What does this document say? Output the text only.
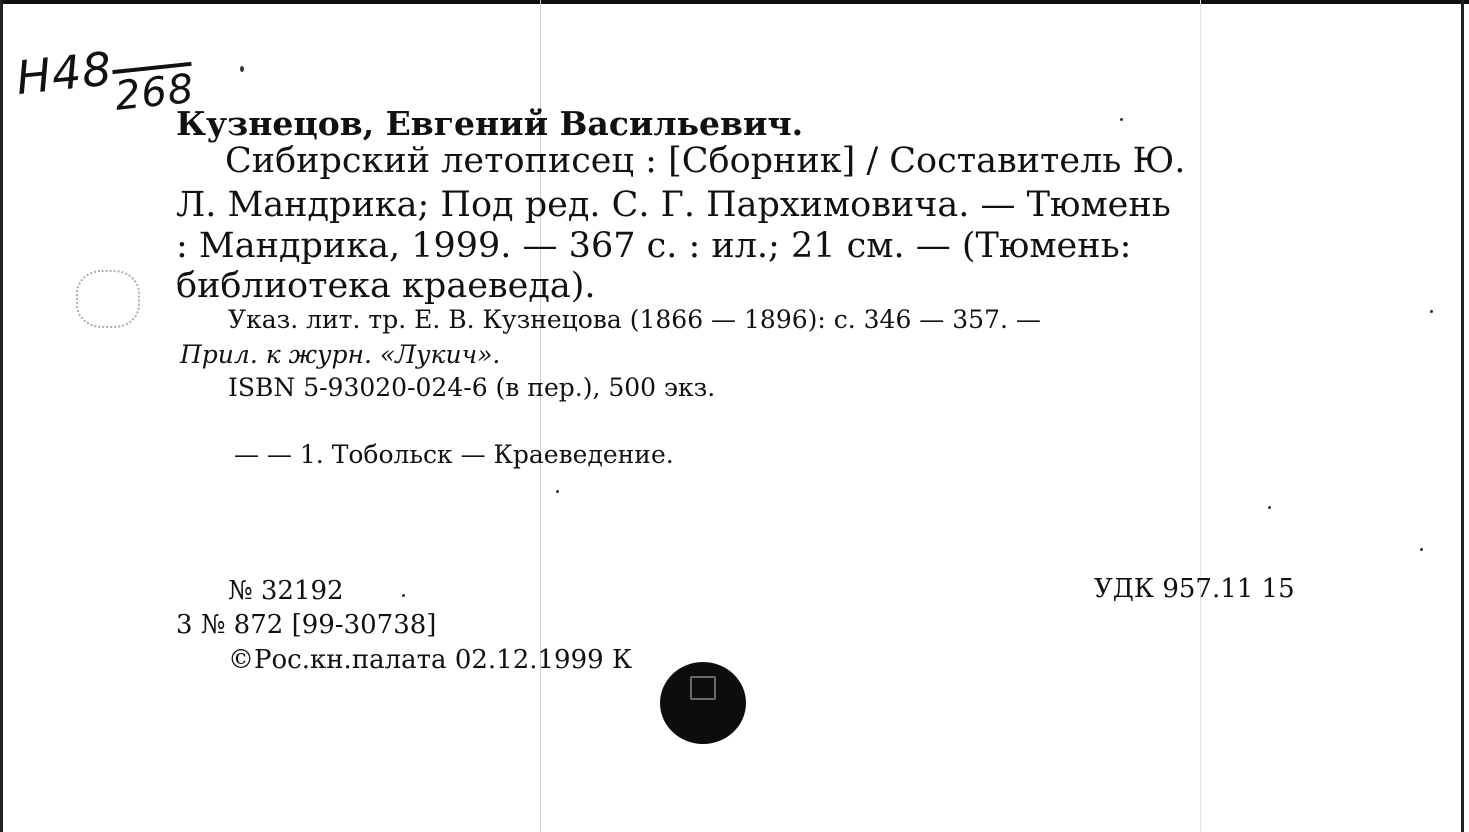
Н48268
Кузнецов, Евгений Васильевич.
Сибирский летописец : [Сборник] / Составитель Ю.
Л. Мандрика; Под ред. С. Г. Пархимовича. — Тюмень
: Мандрика, 1999. — 367 с. : ил.; 21 см. — (Тюмень:
библиотека краеведа).
Указ. лит. тр. Е. В. Кузнецова (1866 — 1896): с. 346 — 357. —
Прил. к журн. «Лукич».
ISBN 5-93020-024-6 (в пер.), 500 экз.
— — 1. Тобольск — Краеведение.
№ 32192
3 № 872 [99-30738]
©Рос.кн.палата 02.12.1999 К
УДК 957.11 15
